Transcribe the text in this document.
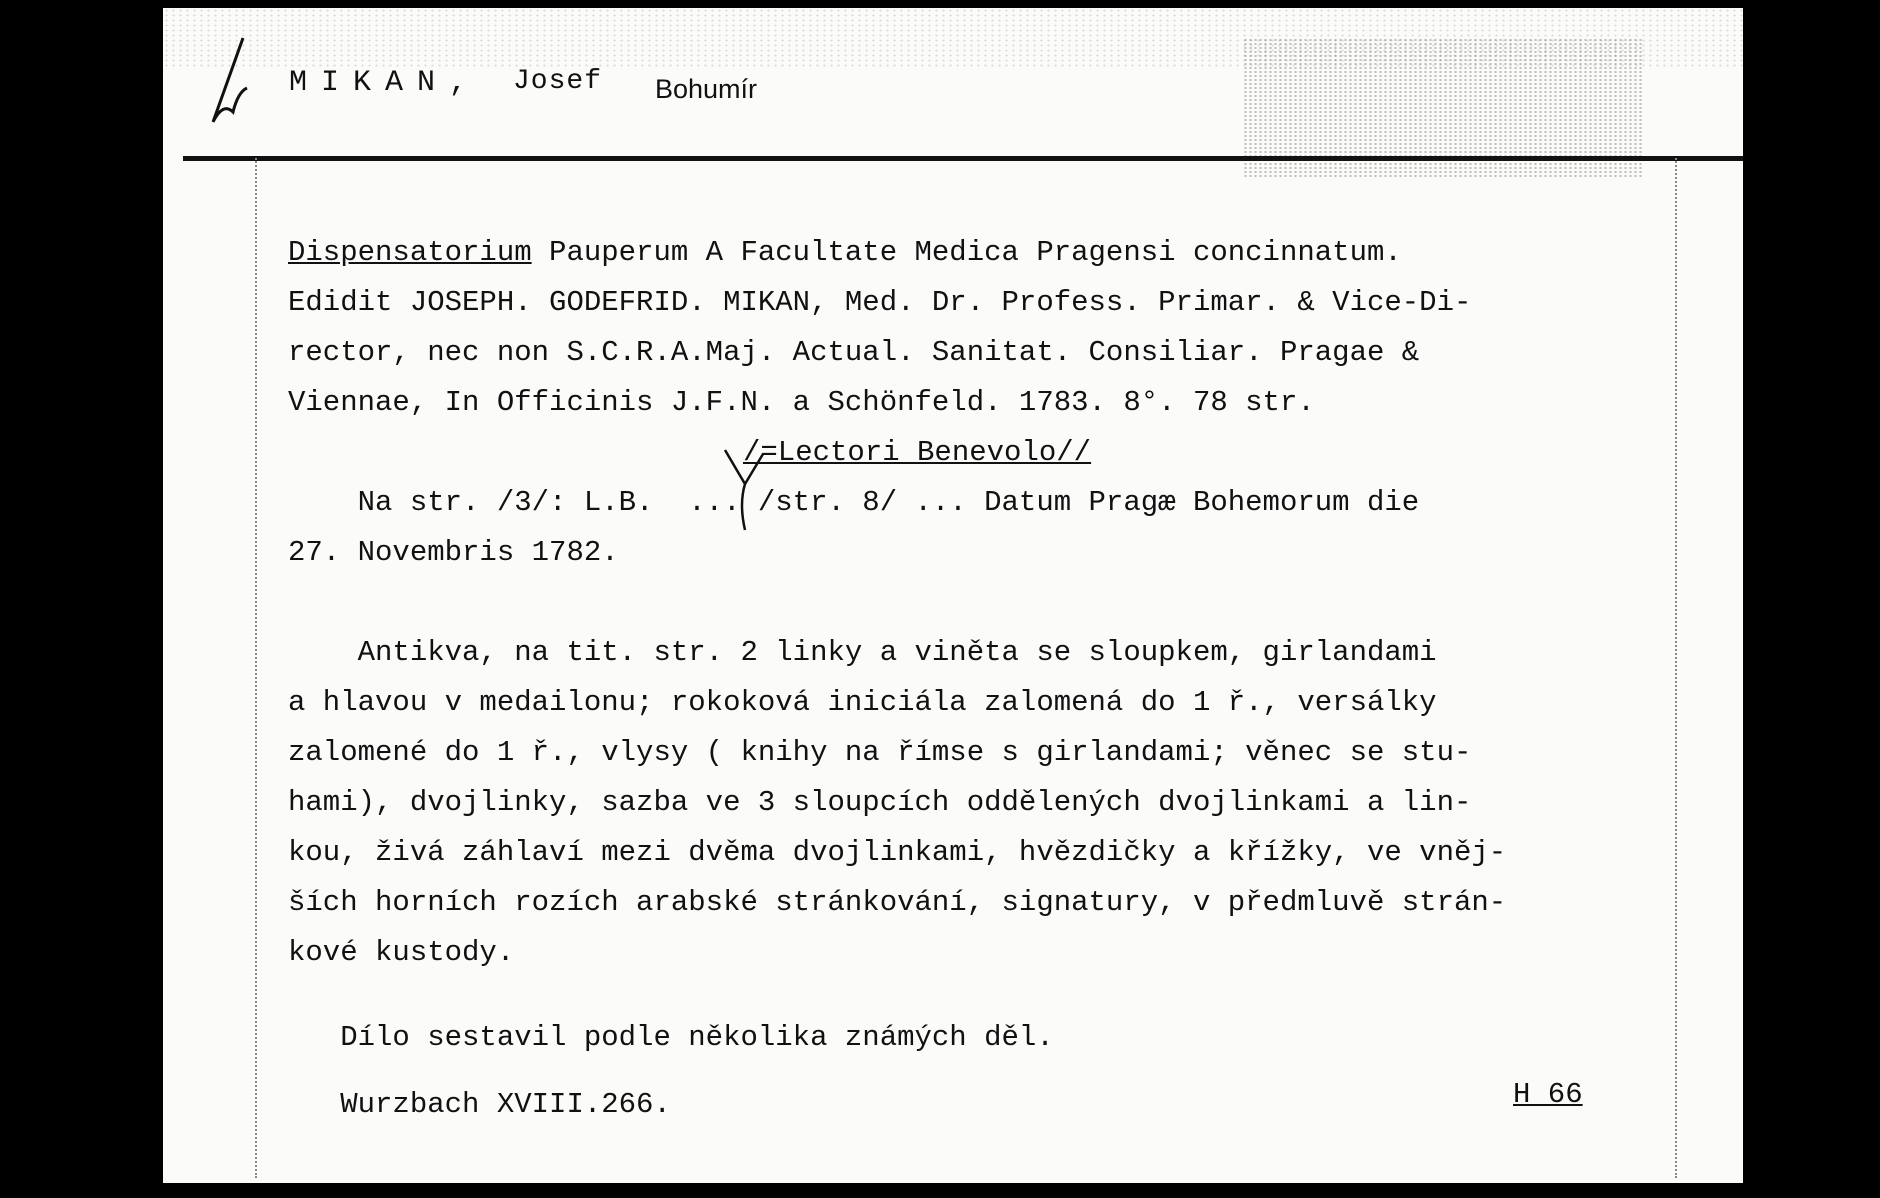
MIKAN, Josef Bohumír
Dispensatorium Pauperum A Facultate Medica Pragensi concinnatum.
Edidit JOSEPH. GODEFRID. MIKAN, Med. Dr. Profess. Primar. & Vice-Di-
rector, nec non S.C.R.A.Maj. Actual. Sanitat. Consiliar. Pragae &
Viennae, In Officinis J.F.N. a Schönfeld. 1783. 8°. 78 str.
/=Lectori Benevolo//
Na str. /3/: L.B.  ... /str. 8/ ... Datum Pragæ Bohemorum die
27. Novembris 1782.
Antikva, na tit. str. 2 linky a viněta se sloupkem, girlandami
a hlavou v medailonu; rokoková iniciála zalomená do 1 ř., versálky
zalomené do 1 ř., vlysy ( knihy na římse s girlandami; věnec se stu-
hami), dvojlinky, sazba ve 3 sloupcích oddělených dvojlinkami a lin-
kou, živá záhlaví mezi dvěma dvojlinkami, hvězdičky a křížky, ve vněj-
ších horních rozích arabské stránkování, signatury, v předmluvě strán-
kové kustody.
Dílo sestavil podle několika známých děl.
Wurzbach XVIII.266.	H 66
